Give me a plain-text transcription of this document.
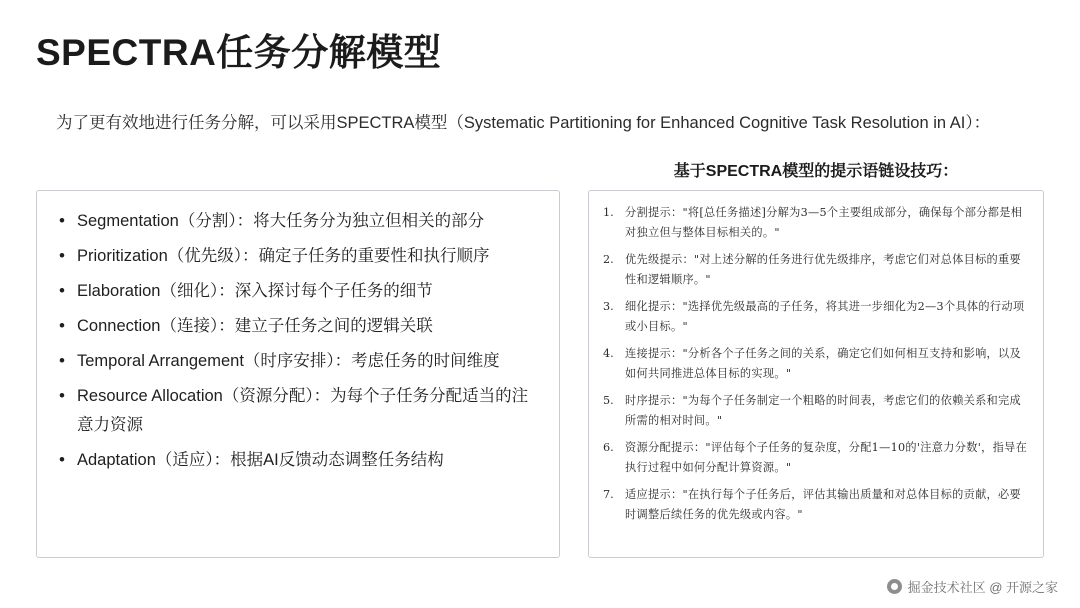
SPECTRA任务分解模型
为了更有效地进行任务分解，可以采用SPECTRA模型（Systematic Partitioning for Enhanced Cognitive Task Resolution in AI）：
• Segmentation（分割）：将大任务分为独立但相关的部分
• Prioritization（优先级）：确定子任务的重要性和执行顺序
• Elaboration（细化）：深入探讨每个子任务的细节
• Connection（连接）：建立子任务之间的逻辑关联
• Temporal Arrangement（时序安排）：考虑任务的时间维度
• Resource Allocation（资源分配）：为每个子任务分配适当的注意力资源
• Adaptation（适应）：根据AI反馈动态调整任务结构
基于SPECTRA模型的提示语链设技巧：
1.	分割提示："将[总任务描述]分解为3—5个主要组成部分，确保每个部分都是相对独立但与整体目标相关的。"
2.	优先级提示："对上述分解的任务进行优先级排序，考虑它们对总体目标的重要性和逻辑顺序。"
3.	细化提示："选择优先级最高的子任务，将其进一步细化为2—3个具体的行动项或小目标。"
4.	连接提示："分析各个子任务之间的关系，确定它们如何相互支持和影响，以及如何共同推进总体目标的实现。"
5.	时序提示："为每个子任务制定一个粗略的时间表，考虑它们的依赖关系和完成所需的相对时间。"
6.	资源分配提示："评估每个子任务的复杂度，分配1—10的'注意力分数'，指导在执行过程中如何分配计算资源。"
7.	适应提示："在执行每个子任务后，评估其输出质量和对总体目标的贡献，必要时调整后续任务的优先级或内容。"
掘金技术社区 @ 开源之家
